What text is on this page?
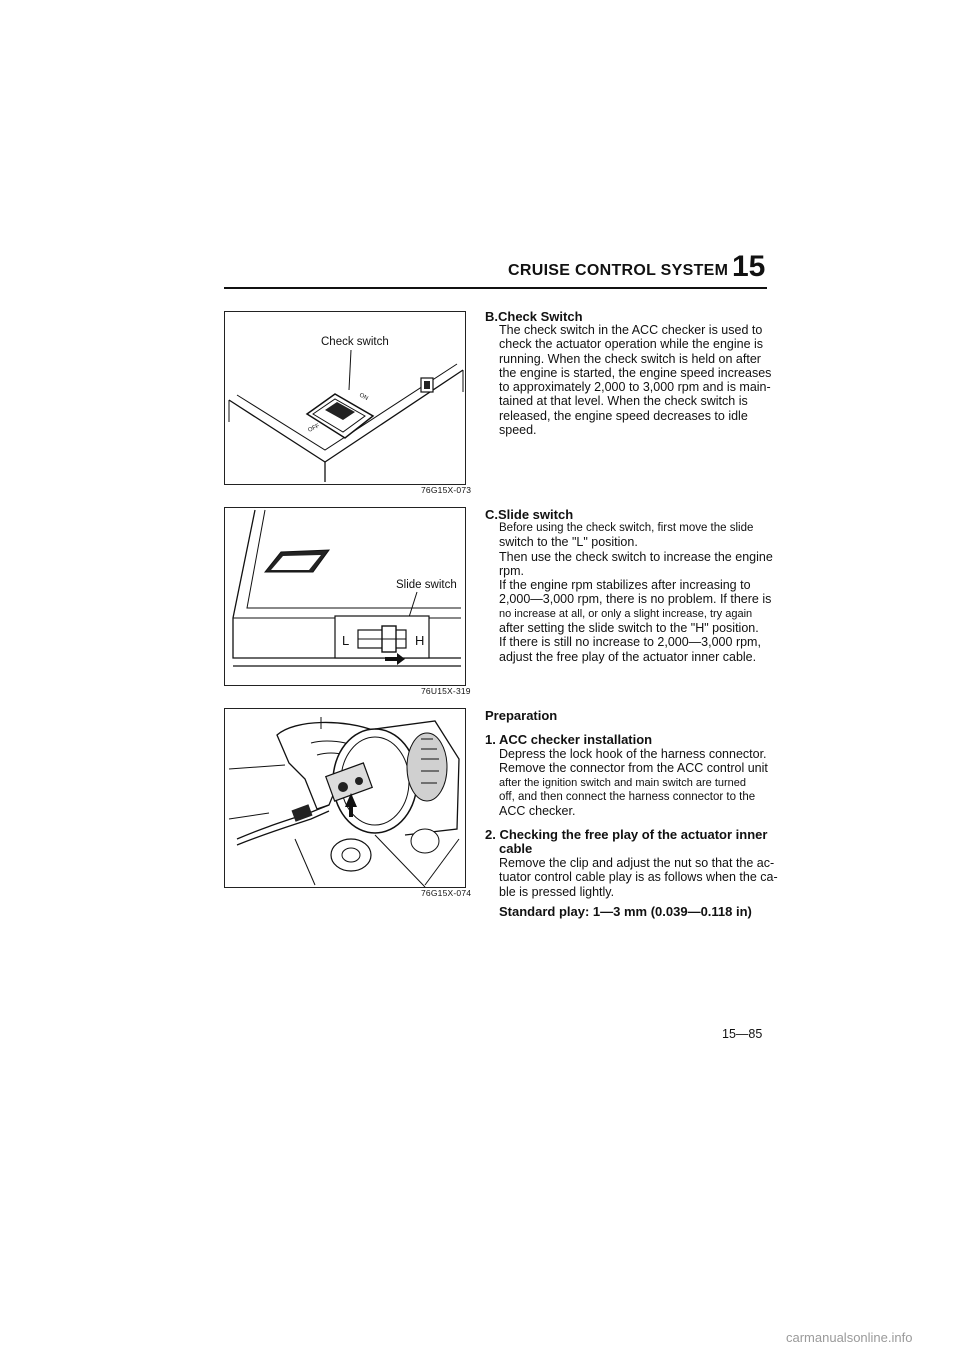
CRUISE CONTROL SYSTEM 15
Check switch
ON
OFF
76G15X-073
Slide switch
L	H
76U15X-319
76G15X-074
B.Check Switch
The check switch in the ACC checker is used to
check the actuator operation while the engine is
running. When the check switch is held on after
the engine is started, the engine speed increases
to approximately 2,000 to 3,000 rpm and is main-
tained at that level. When the check switch is
released, the engine speed decreases to idle
speed.
C.Slide switch
Before using the check switch, first move the slide
switch to the "L" position.
Then use the check switch to increase the engine
rpm.
If the engine rpm stabilizes after increasing to
2,000—3,000 rpm, there is no problem. If there is
no increase at all, or only a slight increase, try again
after setting the slide switch to the "H" position.
If there is still no increase to 2,000—3,000 rpm,
adjust the free play of the actuator inner cable.
Preparation
1. ACC checker installation
Depress the lock hook of the harness connector.
Remove the connector from the ACC control unit
after the ignition switch and main switch are turned
off, and then connect the harness connector to the
ACC checker.
2. Checking the free play of the actuator inner
cable
Remove the clip and adjust the nut so that the ac-
tuator control cable play is as follows when the ca-
ble is pressed lightly.
Standard play: 1—3 mm (0.039—0.118 in)
15—85
carmanualsonline.info
